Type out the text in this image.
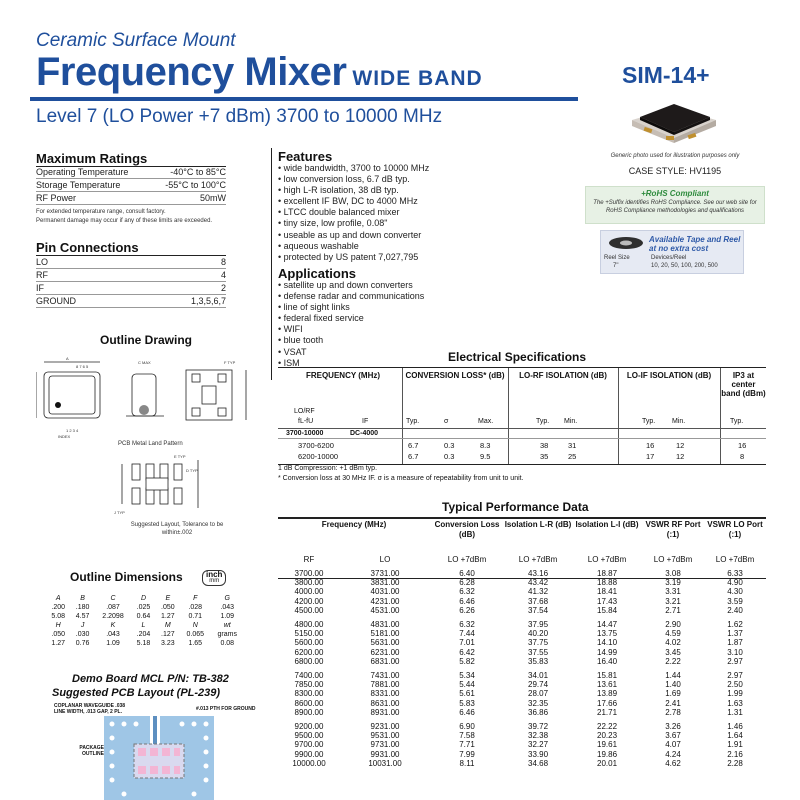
Ceramic Surface Mount
Frequency Mixer WIDE BAND
Level 7 (LO Power +7 dBm) 3700 to 10000 MHz
SIM-14+
Generic photo used for illustration purposes only
CASE STYLE: HV1195
+RoHS Compliant
The +Suffix identifies RoHS Compliance. See our web site for RoHS Compliance methodologies and qualifications
Available Tape and Reel at no extra cost
Reel Size	Devices/Reel
7"	10, 20, 50, 100, 200, 500
Maximum Ratings
Operating Temperature	-40°C to 85°C
Storage Temperature	-55°C to 100°C
RF Power	50mW
For extended temperature range, consult factory.
Permanent damage may occur if any of these limits are exceeded.
Pin Connections
LO	8
RF	4
IF	2
GROUND	1,3,5,6,7
Outline Drawing
A
8 7 6 5
C MAX	F TYP
1 2 3 4
INDEX
PCB Metal Land Pattern
E TYP
D TYP
J TYP
Suggested Layout, Tolerance to be within±.002
Outline Dimensions	inch
mm
A	B	C	D	E	F	G
.200	.180	.087	.025	.050	.028	.043
5.08	4.57	2.2098	0.64	1.27	0.71	1.09
H	J	K	L	M	N	wt
.050	.030	.043	.204	.127	0.065	grams
1.27	0.76	1.09	5.18	3.23	1.65	0.08
Demo Board MCL P/N: TB-382
Suggested PCB Layout (PL-239)
COPLANAR WAVEGUIDE .038 LINE WIDTH, .013 GAP, 2 PL.	#.013 PTH FOR GROUND
PACKAGE OUTLINE
Features
• wide bandwidth, 3700 to 10000 MHz
• low conversion loss, 6.7 dB typ.
• high L-R isolation, 38 dB typ.
• excellent IF BW, DC to 4000 MHz
• LTCC double balanced mixer
• tiny size, low profile, 0.08"
• useable as up and down converter
• aqueous washable
• protected by US patent 7,027,795
Applications
• satellite up and down converters
• defense radar and communications
• line of sight links
• federal fixed service
• WIFI
• blue tooth
• VSAT
• ISM	Electrical Specifications
FREQUENCY (MHz)	CONVERSION LOSS* (dB)	LO-RF ISOLATION (dB)	LO-IF ISOLATION (dB)	IP3 at center band (dBm)
LO/RF
fL-fU	IF	Typ.	σ	Max.	Typ. Min.	Typ. Min.	Typ.
3700-10000	DC-4000
3700-6200	6.7	0.3	8.3	38	31	16	12	16
6200-10000	6.7	0.3	9.5	35	25	17	12	8
1 dB Compression: +1 dBm typ.
* Conversion loss at 30 MHz IF. σ is a measure of repeatability from unit to unit.
Typical Performance Data
Frequency (MHz)		Conversion Loss (dB)	Isolation L-R (dB)	Isolation L-I (dB)	VSWR RF Port (:1)	VSWR LO Port (:1)
RF	LO	LO +7dBm	LO +7dBm	LO +7dBm	LO +7dBm	LO +7dBm

3700.00	3731.00	6.40	43.16	18.87	3.08	6.33
3800.00	3831.00	6.28	43.42	18.88	3.19	4.90
4000.00	4031.00	6.32	41.32	18.41	3.31	4.30
4200.00	4231.00	6.46	37.68	17.43	3.21	3.59
4500.00	4531.00	6.26	37.54	15.84	2.71	2.40

4800.00	4831.00	6.32	37.95	14.47	2.90	1.62
5150.00	5181.00	7.44	40.20	13.75	4.59	1.37
5600.00	5631.00	7.01	37.75	14.10	4.02	1.87
6200.00	6231.00	6.42	37.55	14.99	3.45	3.10
6800.00	6831.00	5.82	35.83	16.40	2.22	2.97

7400.00	7431.00	5.34	34.01	15.81	1.44	2.97
7850.00	7881.00	5.44	29.74	13.61	1.40	2.50
8300.00	8331.00	5.61	28.07	13.89	1.69	1.99
8600.00	8631.00	5.83	32.35	17.66	2.41	1.63
8900.00	8931.00	6.46	36.86	21.71	2.78	1.31

9200.00	9231.00	6.90	39.72	22.22	3.26	1.46
9500.00	9531.00	7.58	32.38	20.23	3.67	1.64
9700.00	9731.00	7.71	32.27	19.61	4.07	1.91
9900.00	9931.00	7.99	33.90	19.86	4.24	2.16
10000.00	10031.00	8.11	34.68	20.01	4.62	2.28
